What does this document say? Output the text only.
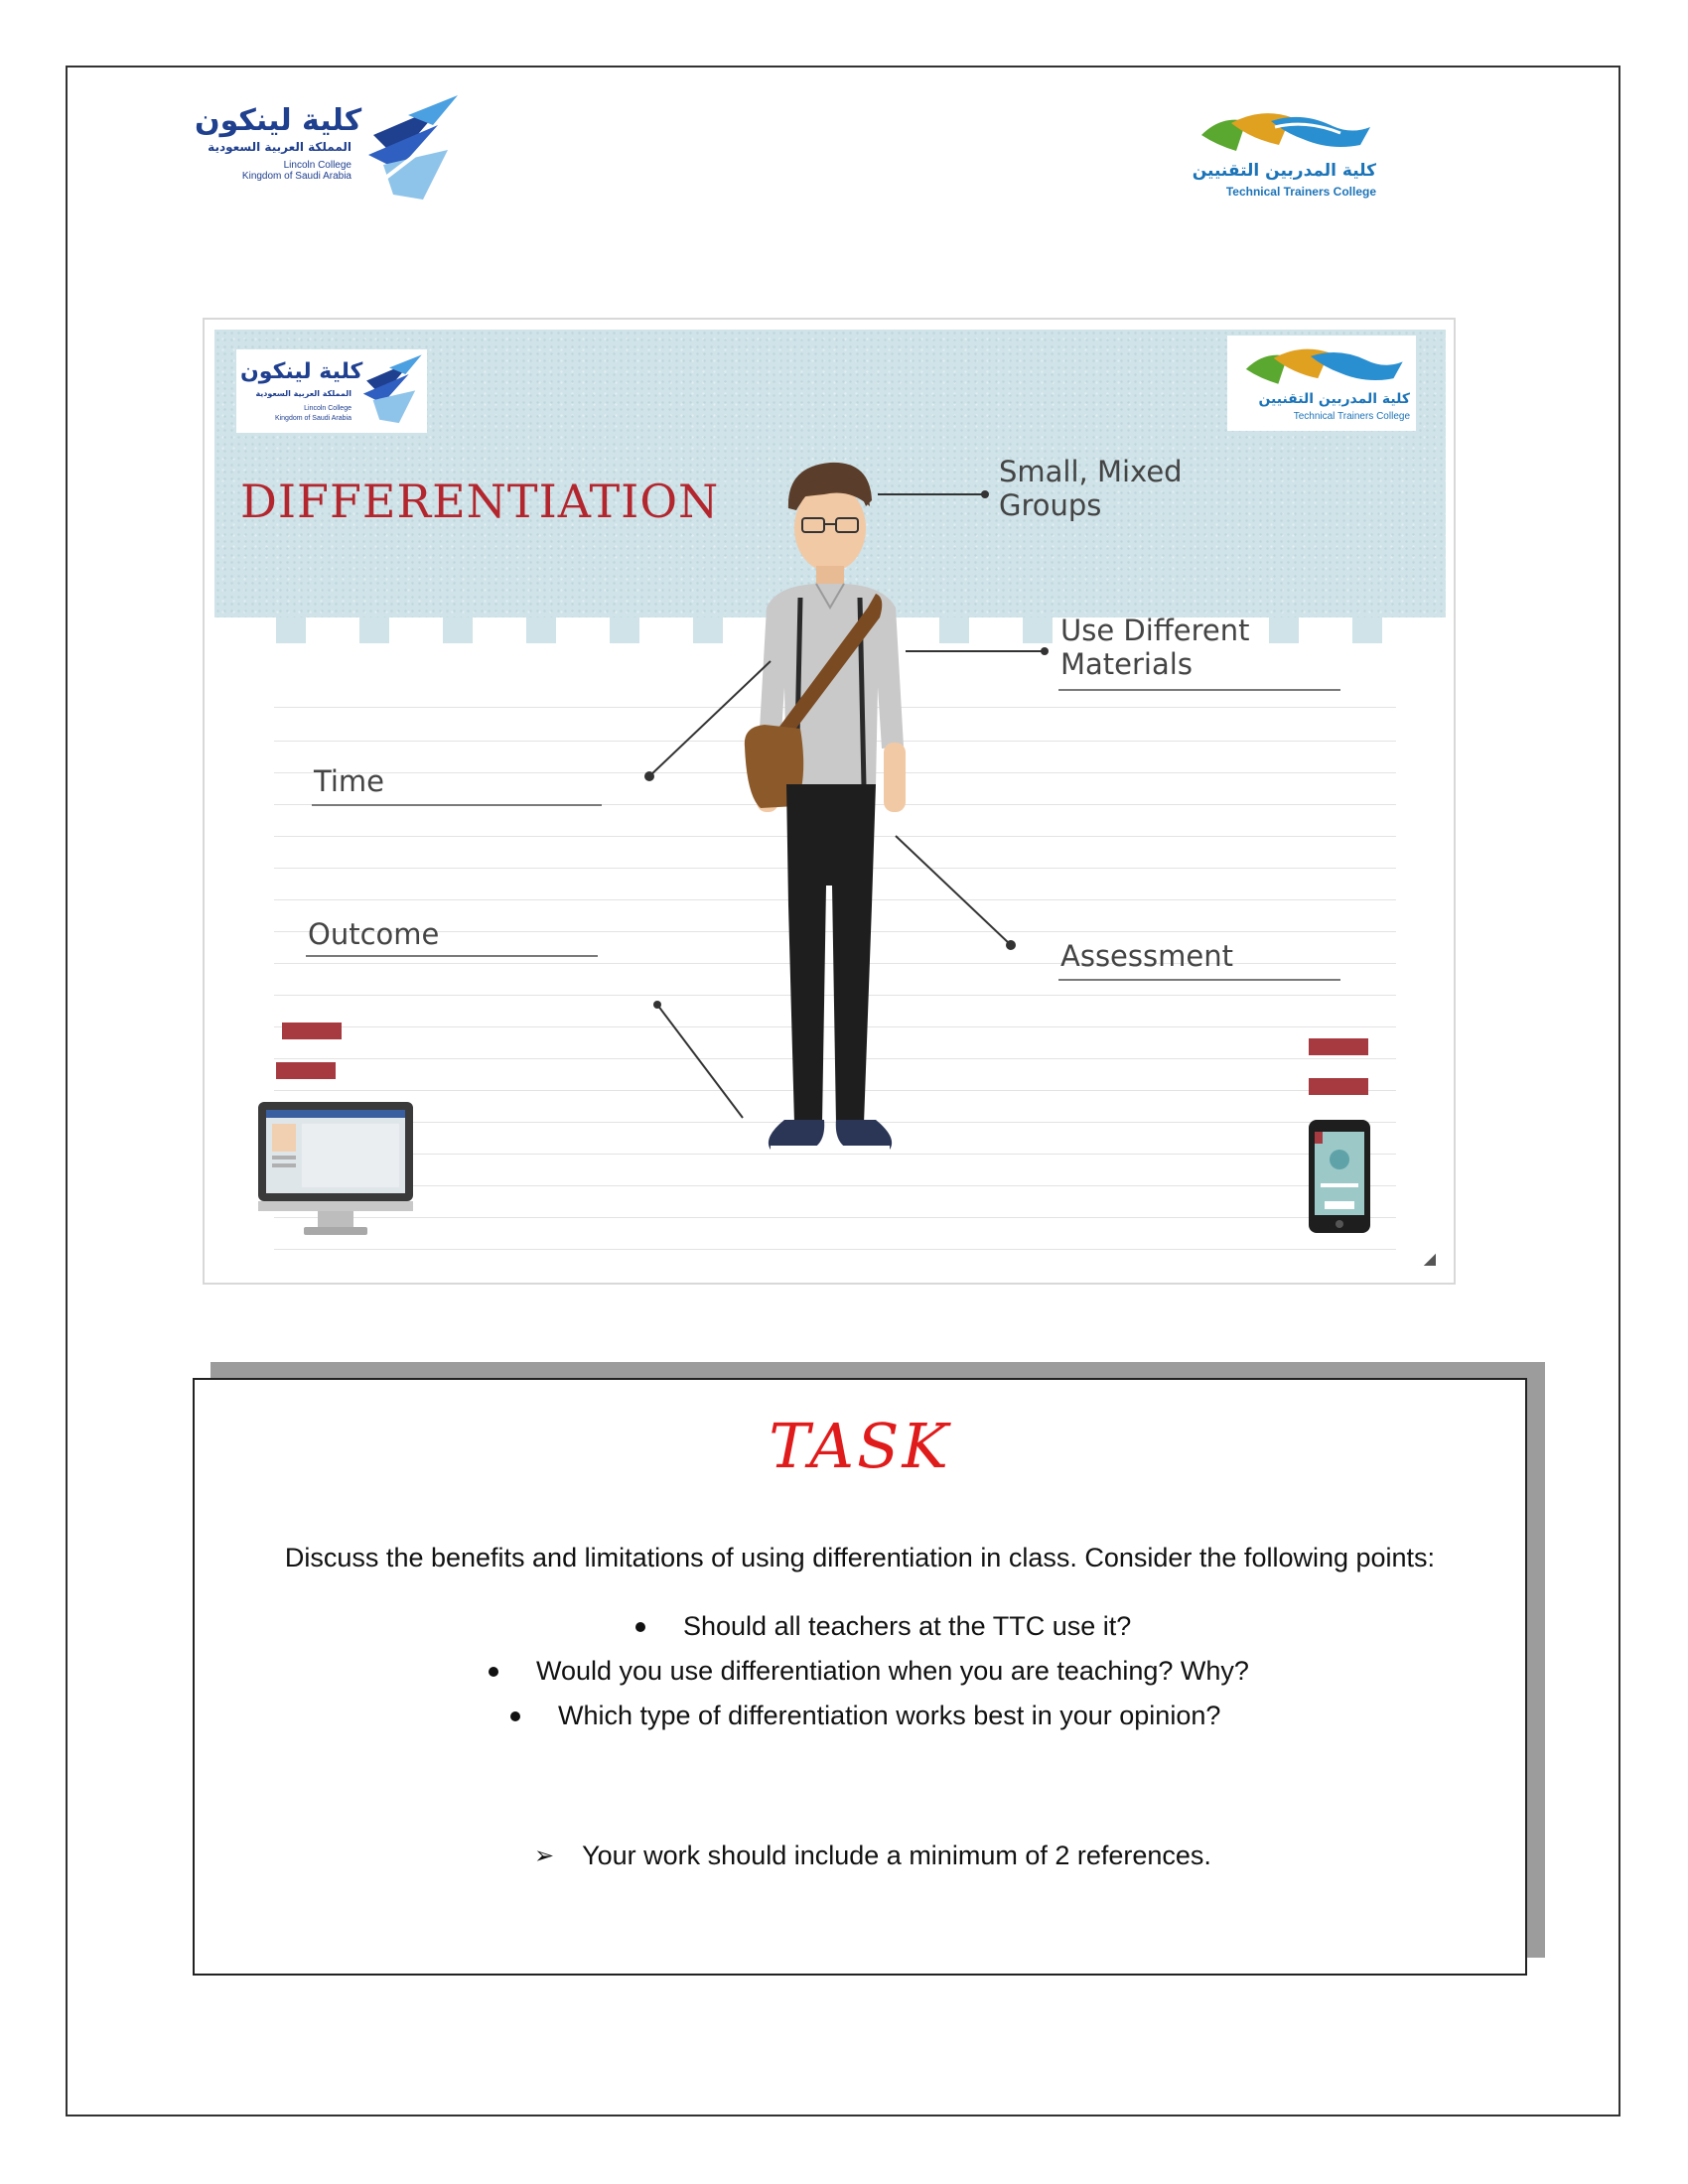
كلية لينكون
المملكة العربية السعودية
Lincoln College
Kingdom of Saudi Arabia	كلية المدربين التقنيين
Technical Trainers College
كلية لينكون
المملكة العربية السعودية
Lincoln College
Kingdom of Saudi Arabia
كلية المدربين التقنيين
Technical Trainers College
DIFFERENTIATION
Small, Mixed
Groups
Use Different
Materials
Time
Outcome
Assessment
◢
TASK
Discuss the benefits and limitations of using differentiation in class. Consider the following points:
Should all teachers at the TTC use it?
Would you use differentiation when you are teaching? Why?
Which type of differentiation works best in your opinion?
➢ Your work should include a minimum of 2 references.
